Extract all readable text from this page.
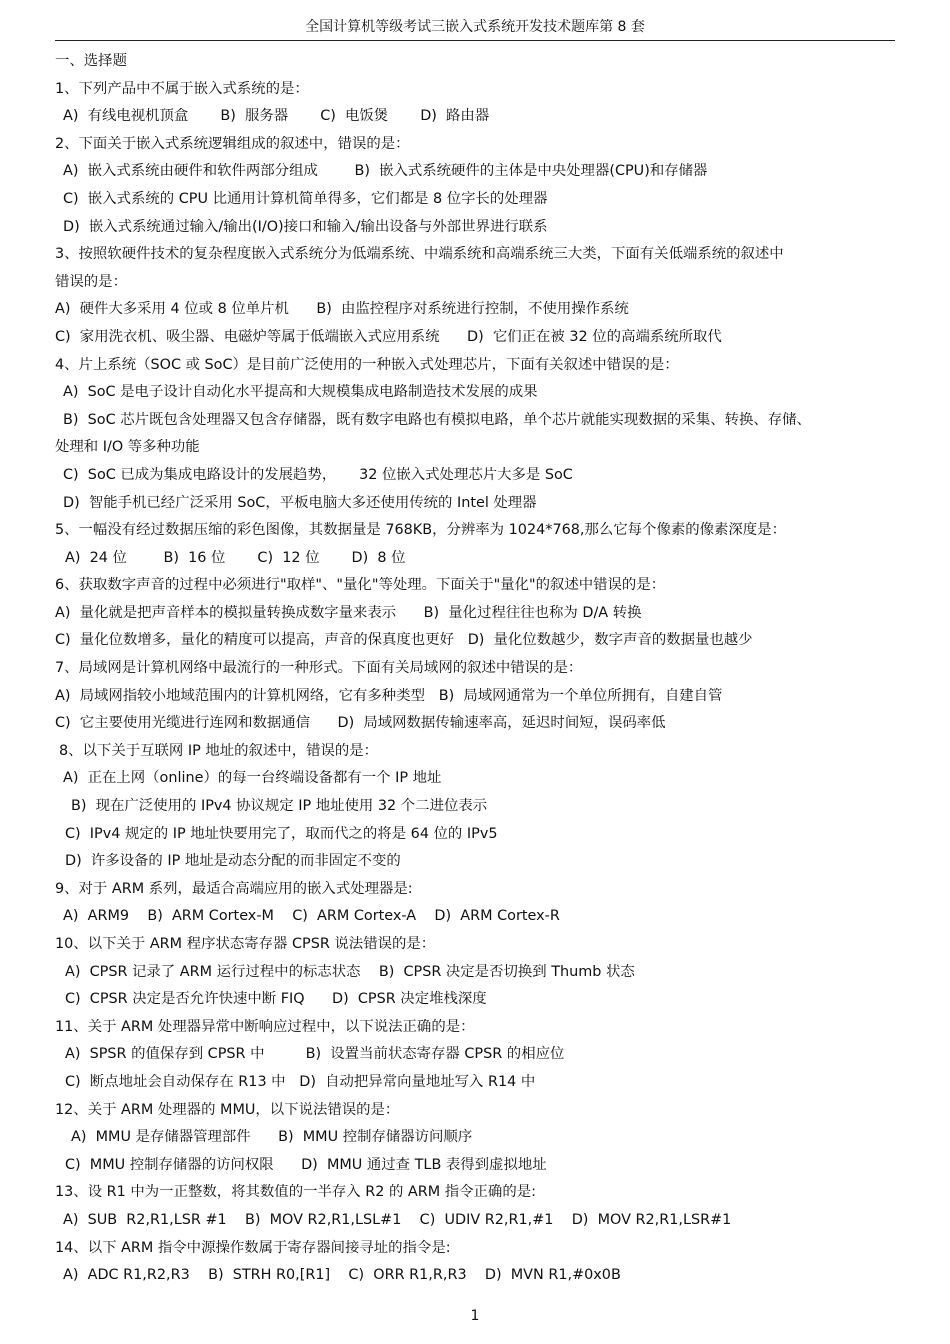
全国计算机等级考试三嵌入式系统开发技术题库第 8 套
一、选择题
1、下列产品中不属于嵌入式系统的是：
A)  有线电视机顶盒       B)  服务器       C)  电饭煲       D)  路由器
2、下面关于嵌入式系统逻辑组成的叙述中，错误的是：
A)  嵌入式系统由硬件和软件两部分组成        B)  嵌入式系统硬件的主体是中央处理器(CPU)和存储器
C)  嵌入式系统的 CPU 比通用计算机简单得多，它们都是 8 位字长的处理器
D)  嵌入式系统通过输入/输出(I/O)接口和输入/输出设备与外部世界进行联系
3、按照软硬件技术的复杂程度嵌入式系统分为低端系统、中端系统和高端系统三大类，下面有关低端系统的叙述中
错误的是：
A)  硬件大多采用 4 位或 8 位单片机      B)  由监控程序对系统进行控制，不使用操作系统
C)  家用洗衣机、吸尘器、电磁炉等属于低端嵌入式应用系统      D)  它们正在被 32 位的高端系统所取代
4、片上系统（SOC 或 SoC）是目前广泛使用的一种嵌入式处理芯片，下面有关叙述中错误的是：
A)  SoC 是电子设计自动化水平提高和大规模集成电路制造技术发展的成果
B)  SoC 芯片既包含处理器又包含存储器，既有数字电路也有模拟电路，单个芯片就能实现数据的采集、转换、存储、
处理和 I/O 等多种功能
C)  SoC 已成为集成电路设计的发展趋势，     32 位嵌入式处理芯片大多是 SoC
D)  智能手机已经广泛采用 SoC，平板电脑大多还使用传统的 Intel 处理器
5、一幅没有经过数据压缩的彩色图像，其数据量是 768KB，分辨率为 1024*768,那么它每个像素的像素深度是：
A)  24 位        B)  16 位       C)  12 位       D)  8 位
6、获取数字声音的过程中必须进行"取样"、"量化"等处理。下面关于"量化"的叙述中错误的是：
A)  量化就是把声音样本的模拟量转换成数字量来表示      B)  量化过程往往也称为 D/A 转换
C)  量化位数增多，量化的精度可以提高，声音的保真度也更好   D)  量化位数越少，数字声音的数据量也越少
7、局域网是计算机网络中最流行的一种形式。下面有关局域网的叙述中错误的是：
A)  局域网指较小地域范围内的计算机网络，它有多种类型   B)  局域网通常为一个单位所拥有，自建自管
C)  它主要使用光缆进行连网和数据通信      D)  局域网数据传输速率高，延迟时间短，误码率低
8、以下关于互联网 IP 地址的叙述中，错误的是：
A)  正在上网（online）的每一台终端设备都有一个 IP 地址
B)  现在广泛使用的 IPv4 协议规定 IP 地址使用 32 个二进位表示
C)  IPv4 规定的 IP 地址快要用完了，取而代之的将是 64 位的 IPv5
D)  许多设备的 IP 地址是动态分配的而非固定不变的
9、对于 ARM 系列，最适合高端应用的嵌入式处理器是:
A)  ARM9    B)  ARM Cortex-M    C)  ARM Cortex-A    D)  ARM Cortex-R
10、以下关于 ARM 程序状态寄存器 CPSR 说法错误的是：
A)  CPSR 记录了 ARM 运行过程中的标志状态    B)  CPSR 决定是否切换到 Thumb 状态
C)  CPSR 决定是否允许快速中断 FIQ      D)  CPSR 决定堆栈深度
11、关于 ARM 处理器异常中断响应过程中，以下说法正确的是：
A)  SPSR 的值保存到 CPSR 中         B)  设置当前状态寄存器 CPSR 的相应位
C)  断点地址会自动保存在 R13 中   D)  自动把异常向量地址写入 R14 中
12、关于 ARM 处理器的 MMU，以下说法错误的是：
A)  MMU 是存储器管理部件      B)  MMU 控制存储器访问顺序
C)  MMU 控制存储器的访问权限      D)  MMU 通过查 TLB 表得到虚拟地址
13、设 R1 中为一正整数，将其数值的一半存入 R2 的 ARM 指令正确的是:
A)  SUB  R2,R1,LSR #1    B)  MOV R2,R1,LSL#1    C)  UDIV R2,R1,#1    D)  MOV R2,R1,LSR#1
14、以下 ARM 指令中源操作数属于寄存器间接寻址的指令是:
A)  ADC R1,R2,R3    B)  STRH R0,[R1]    C)  ORR R1,R,R3    D)  MVN R1,#0x0B
1
